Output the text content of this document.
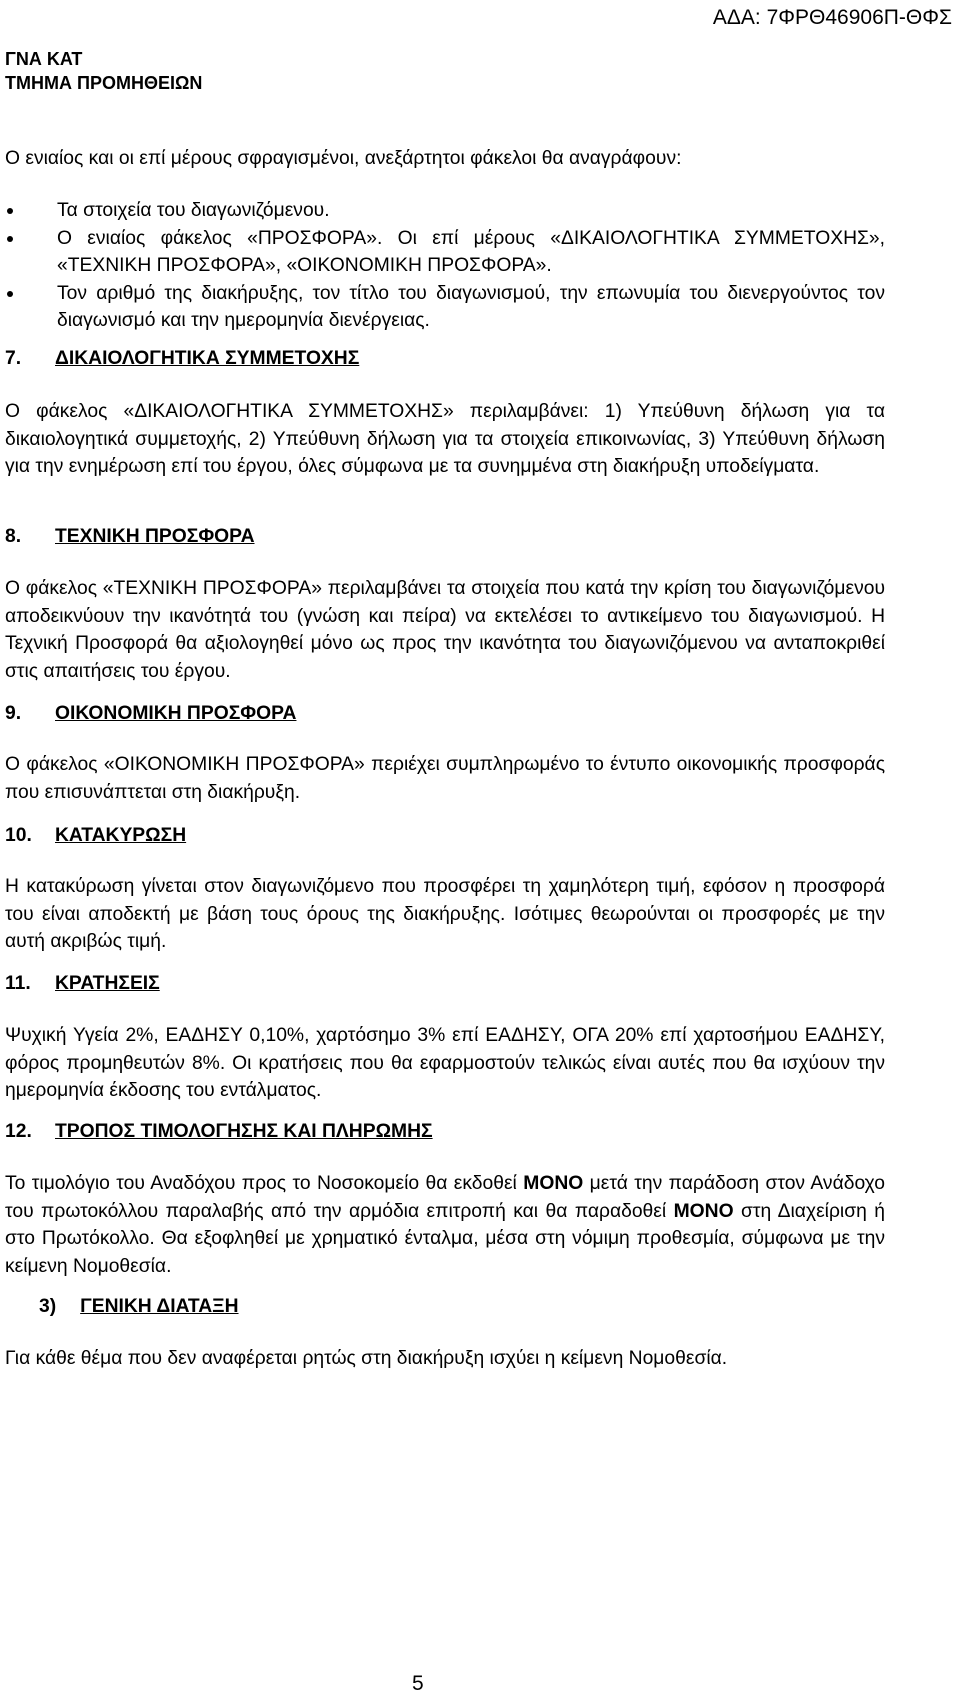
ΑΔΑ: 7ΦΡΘ46906Π-ΘΦΣ
ΓΝΑ ΚΑΤ
ΤΜΗΜΑ ΠΡΟΜΗΘΕΙΩΝ

Ο ενιαίος και οι επί μέρους σφραγισμένοι, ανεξάρτητοι φάκελοι θα αναγράφουν:

Τα στοιχεία του διαγωνιζόμενου.
Ο ενιαίος φάκελος «ΠΡΟΣΦΟΡΑ». Οι επί μέρους «ΔΙΚΑΙΟΛΟΓΗΤΙΚΑ ΣΥΜΜΕΤΟΧΗΣ», «ΤΕΧΝΙΚΗ ΠΡΟΣΦΟΡΑ», «ΟΙΚΟΝΟΜΙΚΗ ΠΡΟΣΦΟΡΑ».
Τον αριθμό της διακήρυξης, τον τίτλο του διαγωνισμού, την επωνυμία του διενεργούντος τον διαγωνισμό και την ημερομηνία διενέργειας.
7. ΔΙΚΑΙΟΛΟΓΗΤΙΚΑ ΣΥΜΜΕΤΟΧΗΣ

Ο φάκελος «ΔΙΚΑΙΟΛΟΓΗΤΙΚΑ ΣΥΜΜΕΤΟΧΗΣ» περιλαμβάνει: 1) Υπεύθυνη δήλωση για τα δικαιολογητικά συμμετοχής, 2) Υπεύθυνη δήλωση για τα στοιχεία επικοινωνίας, 3) Υπεύθυνη δήλωση για την ενημέρωση επί του έργου, όλες σύμφωνα με τα συνημμένα στη διακήρυξη υποδείγματα.

8. ΤΕΧΝΙΚΗ ΠΡΟΣΦΟΡΑ

Ο φάκελος «ΤΕΧΝΙΚΗ ΠΡΟΣΦΟΡΑ» περιλαμβάνει τα στοιχεία που κατά την κρίση του διαγωνιζόμενου αποδεικνύουν την ικανότητά του (γνώση και πείρα) να εκτελέσει το αντικείμενο του διαγωνισμού. Η Τεχνική Προσφορά θα αξιολογηθεί μόνο ως προς την ικανότητα του διαγωνιζόμενου να ανταποκριθεί στις απαιτήσεις του έργου.

9. ΟΙΚΟΝΟΜΙΚΗ ΠΡΟΣΦΟΡΑ

Ο φάκελος «ΟΙΚΟΝΟΜΙΚΗ ΠΡΟΣΦΟΡΑ» περιέχει συμπληρωμένο το έντυπο οικονομικής προσφοράς που επισυνάπτεται στη διακήρυξη.

10. ΚΑΤΑΚΥΡΩΣΗ

Η κατακύρωση γίνεται στον διαγωνιζόμενο που προσφέρει τη χαμηλότερη τιμή, εφόσον η προσφορά του είναι αποδεκτή με βάση τους όρους της διακήρυξης. Ισότιμες θεωρούνται οι προσφορές με την αυτή ακριβώς τιμή.

11. ΚΡΑΤΗΣΕΙΣ

Ψυχική Υγεία 2%, ΕΑΔΗΣΥ 0,10%, χαρτόσημο 3% επί ΕΑΔΗΣΥ, ΟΓΑ 20% επί χαρτοσήμου ΕΑΔΗΣΥ, φόρος προμηθευτών 8%. Οι κρατήσεις που θα εφαρμοστούν τελικώς είναι αυτές που θα ισχύουν την ημερομηνία έκδοσης του εντάλματος.

12. ΤΡΟΠΟΣ ΤΙΜΟΛΟΓΗΣΗΣ ΚΑΙ ΠΛΗΡΩΜΗΣ

Το τιμολόγιο του Αναδόχου προς το Νοσοκομείο θα εκδοθεί ΜΟΝΟ μετά την παράδοση στον Ανάδοχο του πρωτοκόλλου παραλαβής από την αρμόδια επιτροπή και θα παραδοθεί ΜΟΝΟ στη Διαχείριση ή στο Πρωτόκολλο. Θα εξοφληθεί με χρηματικό ένταλμα, μέσα στη νόμιμη προθεσμία, σύμφωνα με την κείμενη Νομοθεσία.

3) ΓΕΝΙΚΗ ΔΙΑΤΑΞΗ

Για κάθε θέμα που δεν αναφέρεται ρητώς στη διακήρυξη ισχύει η κείμενη Νομοθεσία.

5
